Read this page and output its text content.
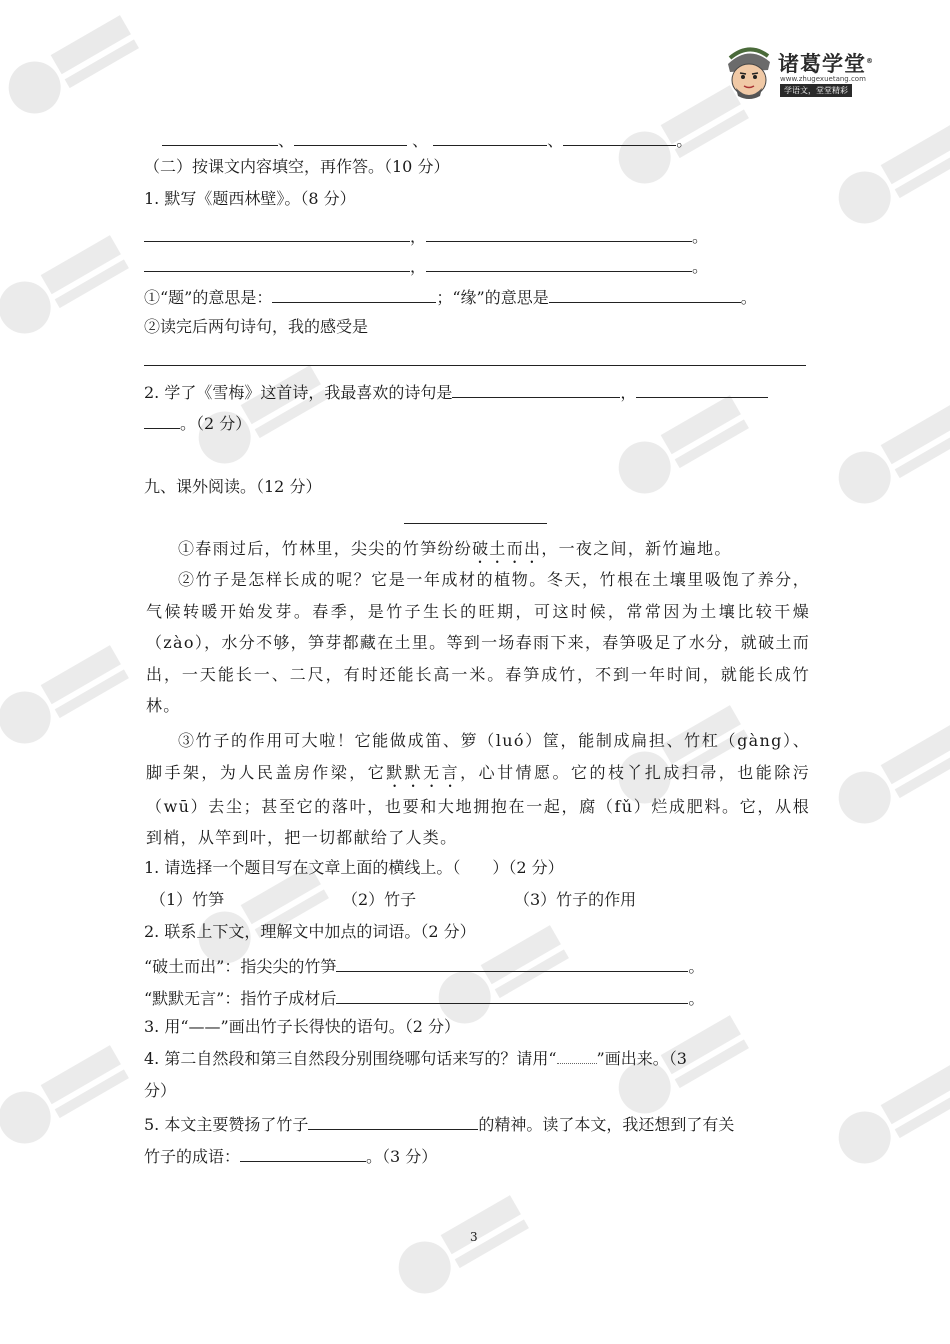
诸葛学堂®
www.zhugexuetang.com
学语文，堂堂精彩
、	、	、	。
（二）按课文内容填空，再作答。（10 分）
1. 默写《题西林壁》。（8 分）
，	。
，	。
①“题”的意思是：	；“缘”的意思是	。
②读完后两句诗句，我的感受是
2. 学了《雪梅》这首诗，我最喜欢的诗句是	，
。（2 分）
九、课外阅读。（12 分）
①春雨过后，竹林里，尖尖的竹笋纷纷破土而出，一夜之间，新竹遍地。
②竹子是怎样长成的呢？它是一年成材的植物。冬天，竹根在土壤里吸饱了养分，气候转暖开始发芽。春季，是竹子生长的旺期，可这时候，常常因为土壤比较干燥（zào），水分不够，笋芽都藏在土里。等到一场春雨下来，春笋吸足了水分，就破土而出，一天能长一、二尺，有时还能长高一米。春笋成竹，不到一年时间，就能长成竹林。
③竹子的作用可大啦！它能做成笛、箩（luó）筐，能制成扁担、竹杠（gàng）、脚手架，为人民盖房作梁，它默默无言，心甘情愿。它的枝丫扎成扫帚，也能除污（wū）去尘；甚至它的落叶，也要和大地拥抱在一起，腐（fǔ）烂成肥料。它，从根到梢，从竿到叶，把一切都献给了人类。
1. 请选择一个题目写在文章上面的横线上。（　　）（2 分）
（1）竹笋	（2）竹子	（3）竹子的作用
2. 联系上下文，理解文中加点的词语。（2 分）
“破土而出”：指尖尖的竹笋	。
“默默无言”：指竹子成材后	。
3. 用“——”画出竹子长得快的语句。（2 分）
4. 第二自然段和第三自然段分别围绕哪句话来写的？请用“	”画出来。（3
分）
5. 本文主要赞扬了竹子	的精神。读了本文，我还想到了有关
竹子的成语：	。（3 分）
3
